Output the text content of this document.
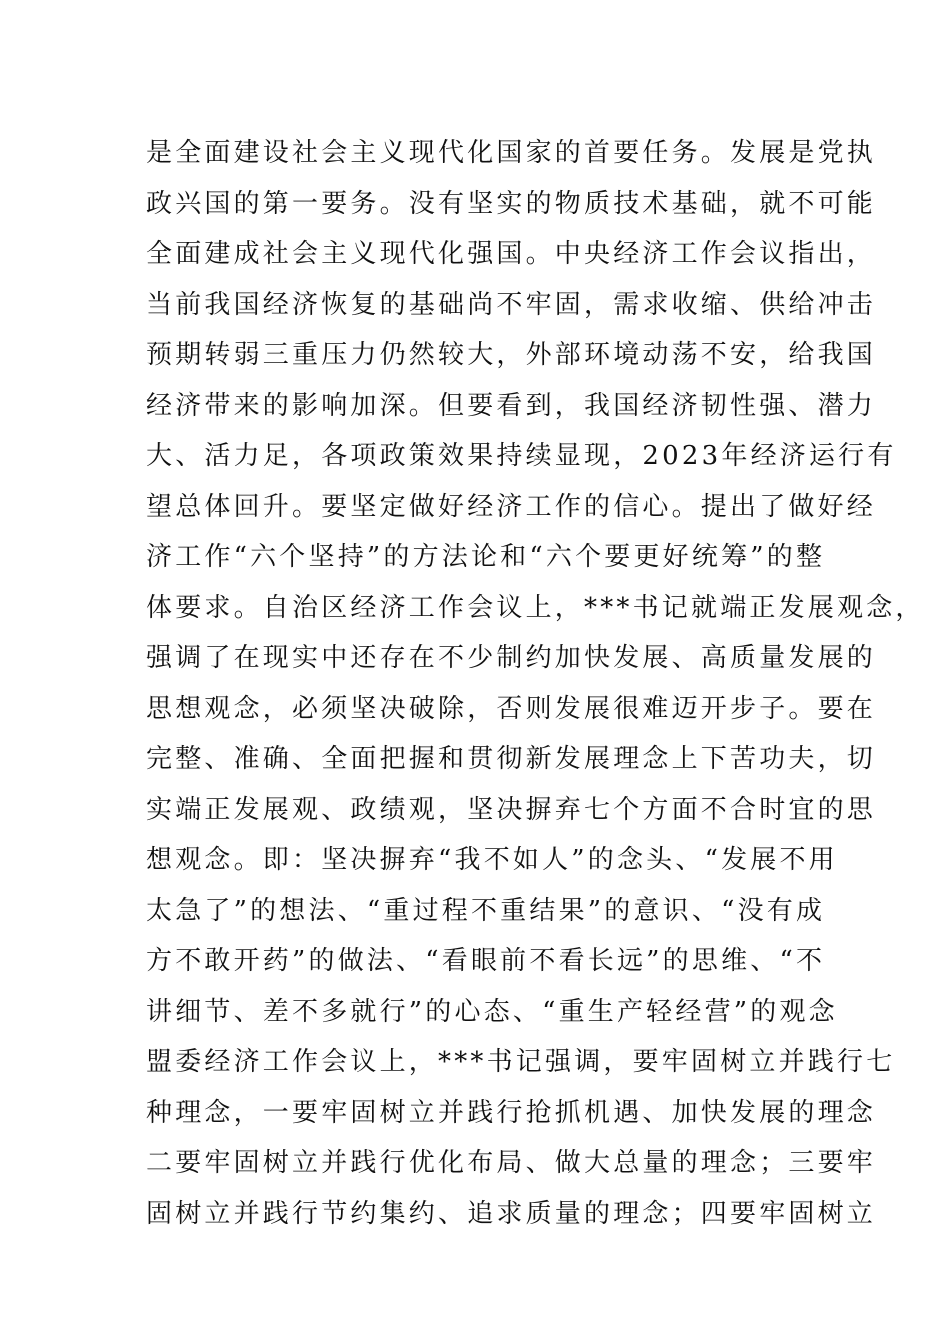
是全面建设社会主义现代化国家的首要任务。发展是党执
政兴国的第一要务。没有坚实的物质技术基础，就不可能
全面建成社会主义现代化强国。中央经济工作会议指出，
当前我国经济恢复的基础尚不牢固，需求收缩、供给冲击
预期转弱三重压力仍然较大，外部环境动荡不安，给我国
经济带来的影响加深。但要看到，我国经济韧性强、潜力
大、活力足，各项政策效果持续显现，2023年经济运行有
望总体回升。要坚定做好经济工作的信心。提出了做好经
济工作“六个坚持”的方法论和“六个要更好统筹”的整
体要求。自治区经济工作会议上，***书记就端正发展观念，
强调了在现实中还存在不少制约加快发展、高质量发展的
思想观念，必须坚决破除，否则发展很难迈开步子。要在
完整、准确、全面把握和贯彻新发展理念上下苦功夫，切
实端正发展观、政绩观，坚决摒弃七个方面不合时宜的思
想观念。即：坚决摒弃“我不如人”的念头、“发展不用
太急了”的想法、“重过程不重结果”的意识、“没有成
方不敢开药”的做法、“看眼前不看长远”的思维、“不
讲细节、差不多就行”的心态、“重生产轻经营”的观念
盟委经济工作会议上，***书记强调，要牢固树立并践行七
种理念，一要牢固树立并践行抢抓机遇、加快发展的理念
二要牢固树立并践行优化布局、做大总量的理念；三要牢
固树立并践行节约集约、追求质量的理念；四要牢固树立
